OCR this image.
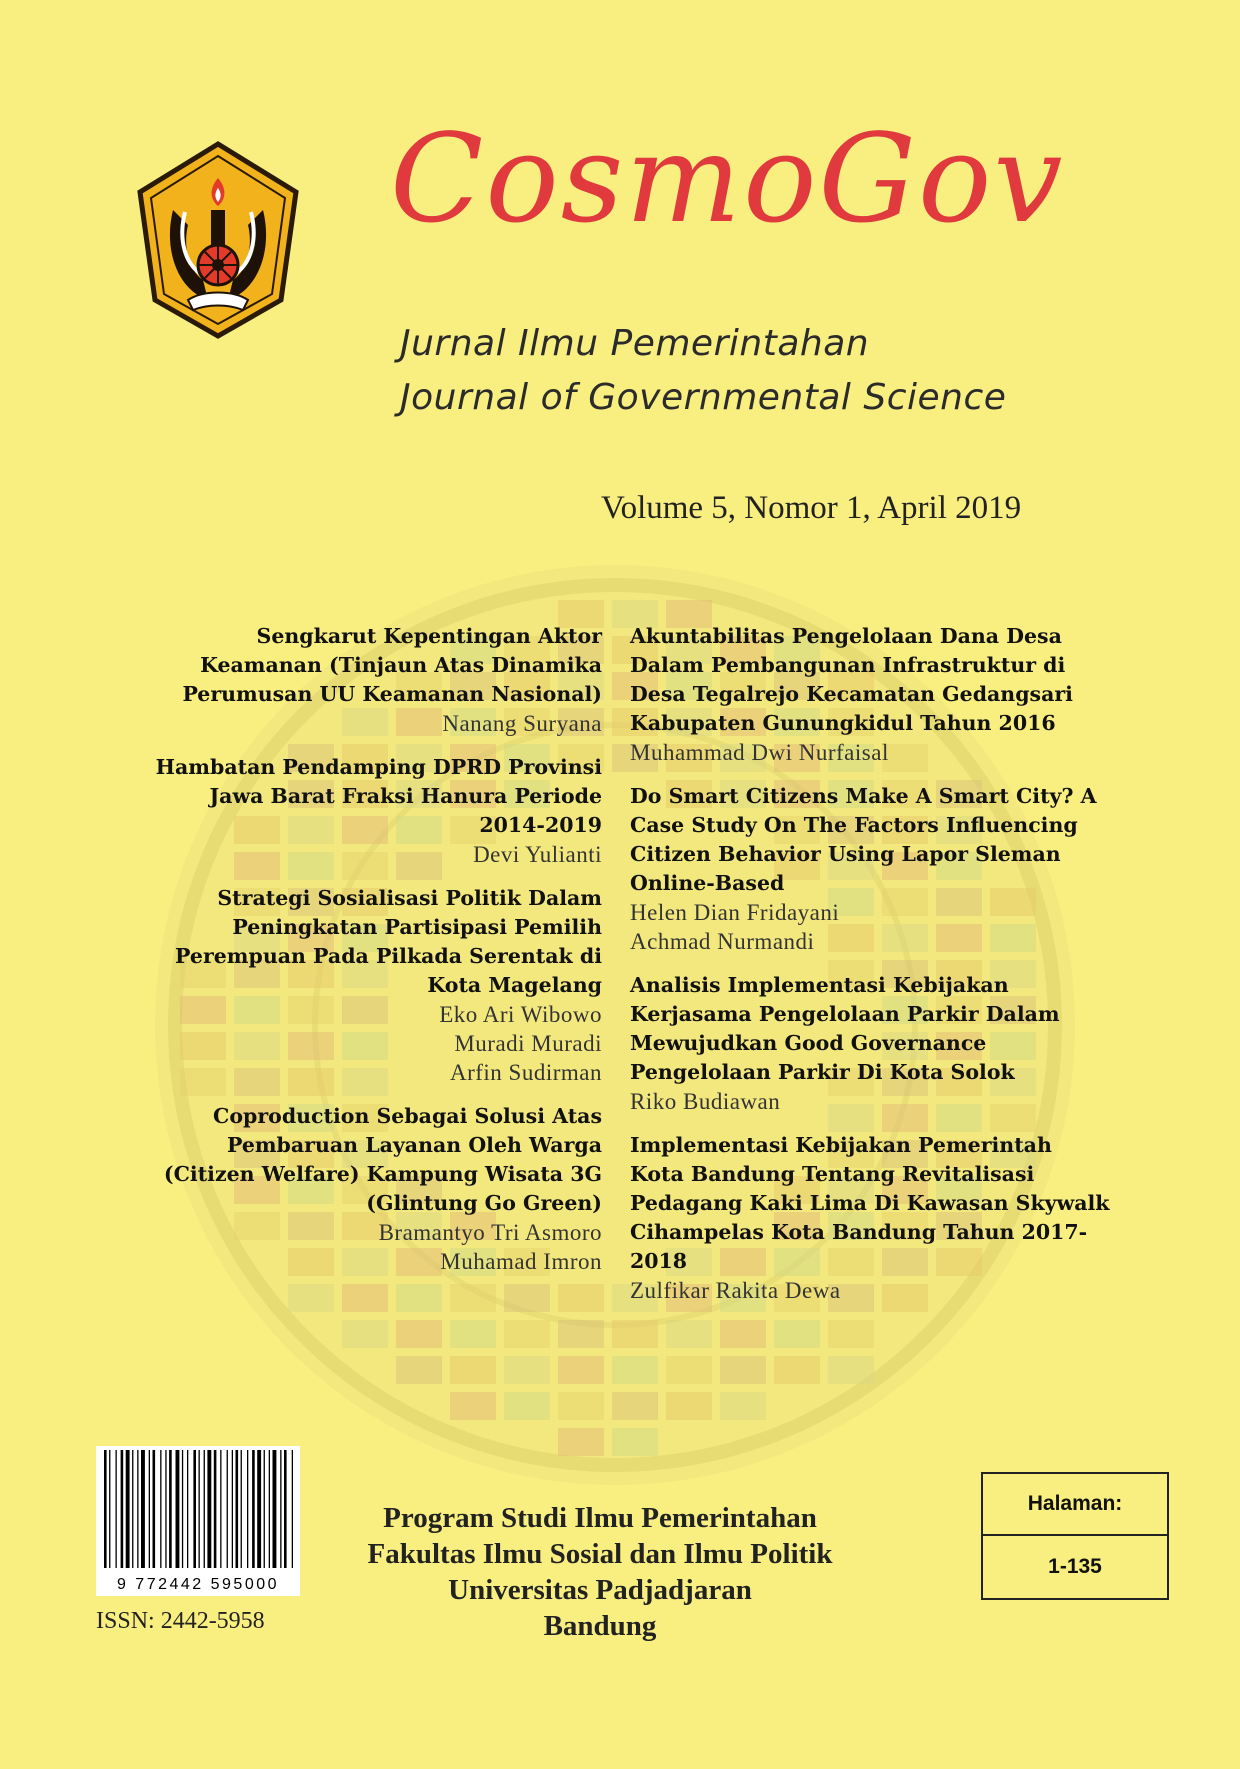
CosmoGov
Jurnal Ilmu Pemerintahan
Journal of Governmental Science
Volume 5, Nomor 1, April 2019
Sengkarut Kepentingan Aktor Keamanan (Tinjaun Atas Dinamika Perumusan UU Keamanan Nasional)
Nanang Suryana
Hambatan Pendamping DPRD Provinsi Jawa Barat Fraksi Hanura Periode 2014-2019
Devi Yulianti
Strategi Sosialisasi Politik Dalam Peningkatan Partisipasi Pemilih Perempuan Pada Pilkada Serentak di Kota Magelang
Eko Ari Wibowo
Muradi Muradi
Arfin Sudirman
Coproduction Sebagai Solusi Atas Pembaruan Layanan Oleh Warga (Citizen Welfare) Kampung Wisata 3G (Glintung Go Green)
Bramantyo Tri Asmoro
Muhamad Imron
Akuntabilitas Pengelolaan Dana Desa Dalam Pembangunan Infrastruktur di Desa Tegalrejo Kecamatan Gedangsari Kabupaten Gunungkidul Tahun 2016
Muhammad Dwi Nurfaisal
Do Smart Citizens Make A Smart City? A Case Study On The Factors Influencing Citizen Behavior Using Lapor Sleman Online-Based
Helen Dian Fridayani
Achmad Nurmandi
Analisis Implementasi Kebijakan Kerjasama Pengelolaan Parkir Dalam Mewujudkan Good Governance Pengelolaan Parkir Di Kota Solok
Riko Budiawan
Implementasi Kebijakan Pemerintah Kota Bandung Tentang Revitalisasi Pedagang Kaki Lima Di Kawasan Skywalk Cihampelas Kota Bandung Tahun 2017-2018
Zulfikar Rakita Dewa
9 772442 595000
ISSN: 2442-5958
Program Studi Ilmu Pemerintahan
Fakultas Ilmu Sosial dan Ilmu Politik
Universitas Padjadjaran
Bandung
Halaman:
1-135
